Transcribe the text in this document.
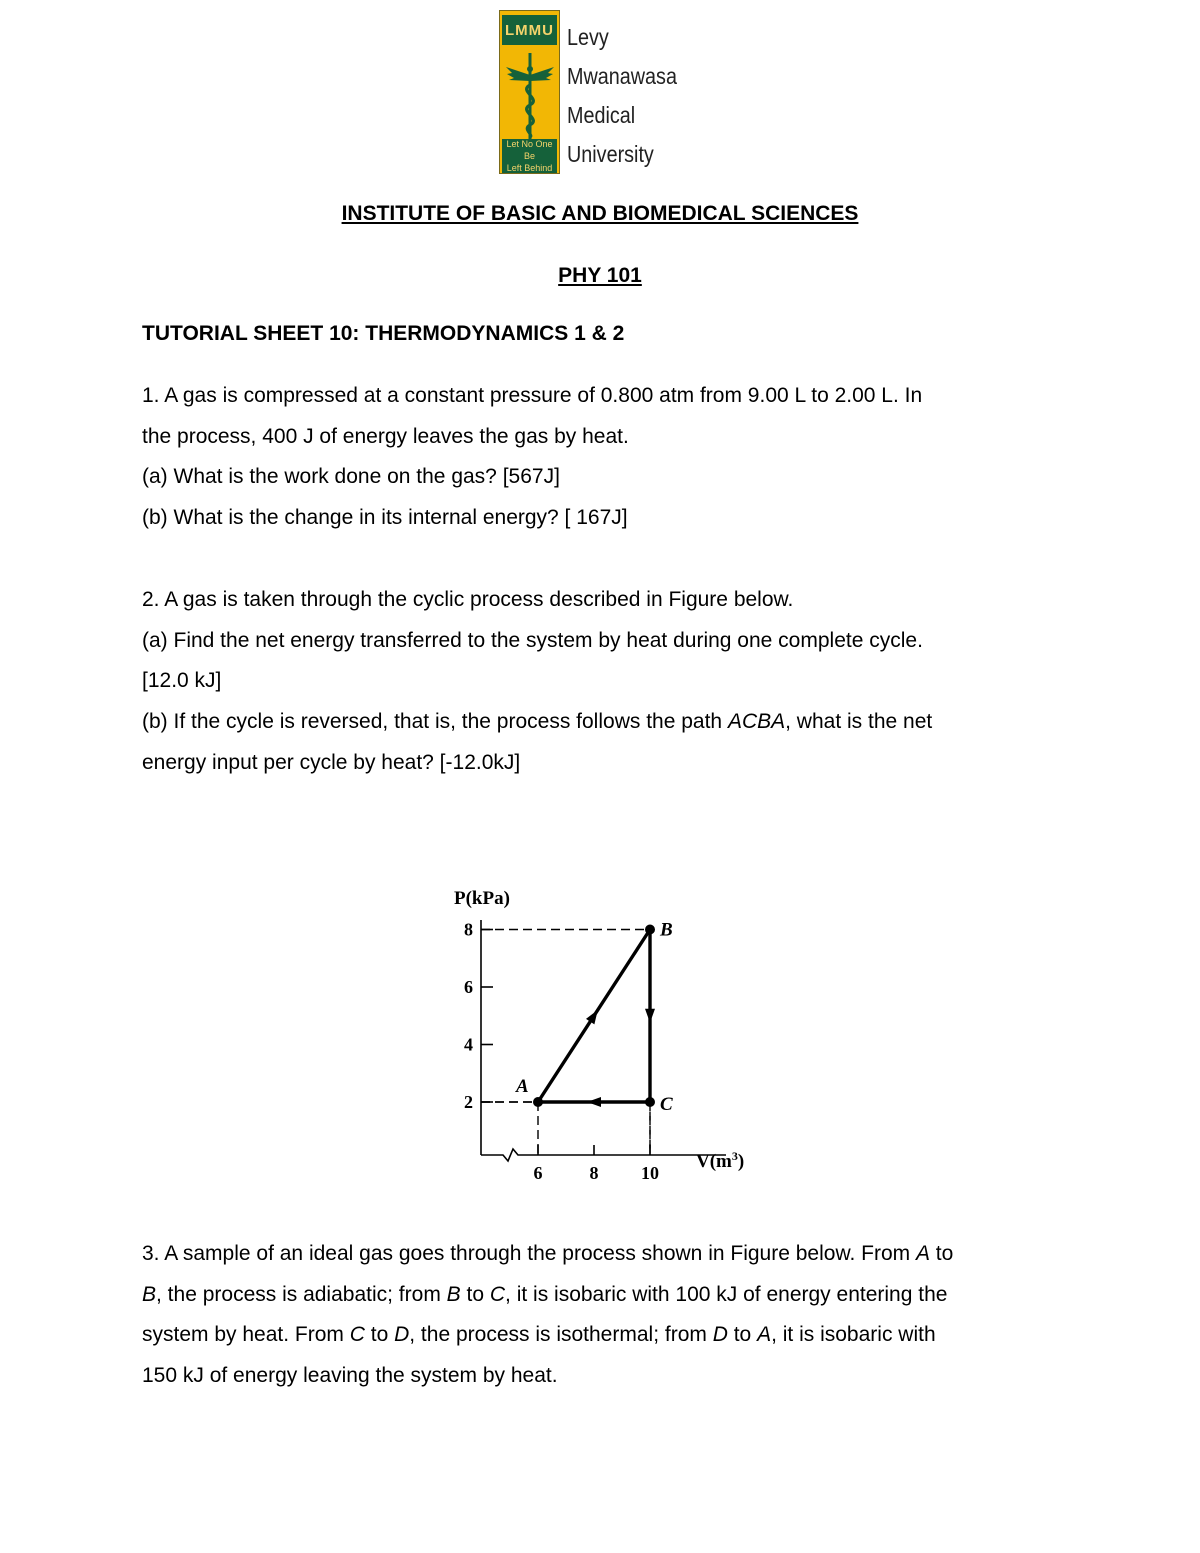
LMMU
Let No One Be
Left Behind
Levy
Mwanawasa
Medical
University
INSTITUTE OF BASIC AND BIOMEDICAL SCIENCES
PHY 101
TUTORIAL SHEET 10: THERMODYNAMICS 1 & 2

1. A gas is compressed at a constant pressure of 0.800 atm from 9.00 L to 2.00 L. In

the process, 400 J of energy leaves the gas by heat.

(a) What is the work done on the gas? [567J]

(b) What is the change in its internal energy? [ 167J]

2. A gas is taken through the cyclic process described in Figure below.

(a) Find the net energy transferred to the system by heat during one complete cycle.

[12.0 kJ]

(b) If the cycle is reversed, that is, the process follows the path ACBA, what is the net

energy input per cycle by heat? [-12.0kJ]

P(kPa)
$V(m^3)$
2
4
6
8
6	8 10
A
B
C

3. A sample of an ideal gas goes through the process shown in Figure below. From A to

B, the process is adiabatic; from B to C, it is isobaric with 100 kJ of energy entering the

system by heat. From C to D, the process is isothermal; from D to A, it is isobaric with

150 kJ of energy leaving the system by heat.
